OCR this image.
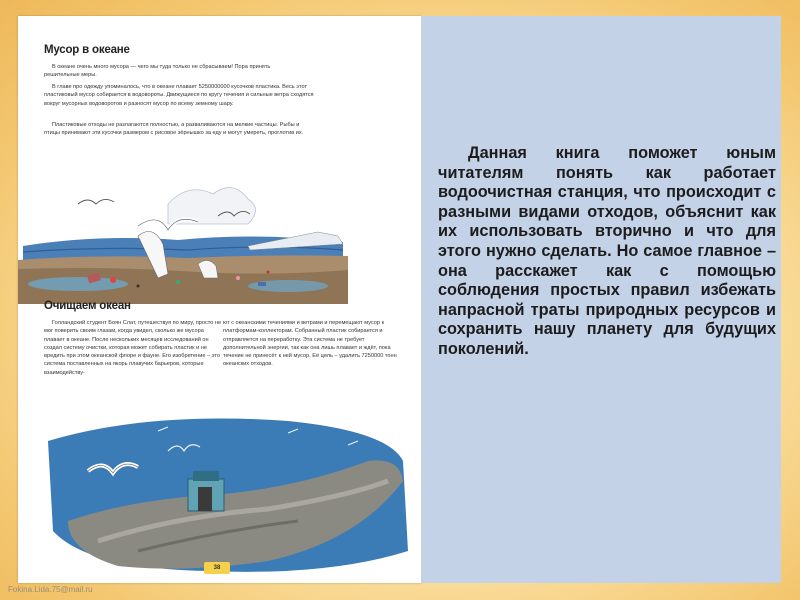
Мусор в океане

В океане очень много мусора — чего мы туда только не сбрасываем! Пора принять решительные меры.

В главе про одежду упоминалось, что в океане плавает 5250000000 кусочков пластика. Весь этот пластиковый мусор собирается в водовороты. Движущиеся по кругу течения и сильные ветра сходятся вокруг мусорных водоворотов и разносят мусор по всему земному шару.

Пластиковые отходы не разлагаются полностью, а разваливаются на мелкие частицы. Рыбы и птицы принимают эти кусочки размером с рисовое зёрнышко за еду и могут умереть, проглотив их.

Очищаем океан

Голландский студент Боян Слат, путешествуя по миру, просто не мог поверить своим глазам, когда увидел, сколько же мусора плавает в океане. После нескольких месяцев исследований он создал систему очистки, которая может собирать пластик и не вредить при этом океанской флоре и фауне. Его изобретение – это система поставленных на якорь плавучих барьеров, которые взаимодейству-

ют с океанскими течениями и ветрами и перемещают мусор к платформам-коллекторам. Собранный пластик собирается и отправляется на переработку. Эта система не требует дополнительной энергии, так как она лишь плавает и ждёт, пока течение не принесёт к ней мусор. Её цель – удалить 7250000 тонн океанских отходов.

38

Данная книга поможет юным читателям понять как работает водоочистная станция, что происходит с разными видами отходов, объяснит как их использовать вторично и что для этого нужно сделать. Но самое главное – она расскажет как с помощью соблюдения простых правил избежать напрасной траты природных ресурсов и сохранить нашу планету для будущих поколений.

Fokina.Lida.75@mail.ru
